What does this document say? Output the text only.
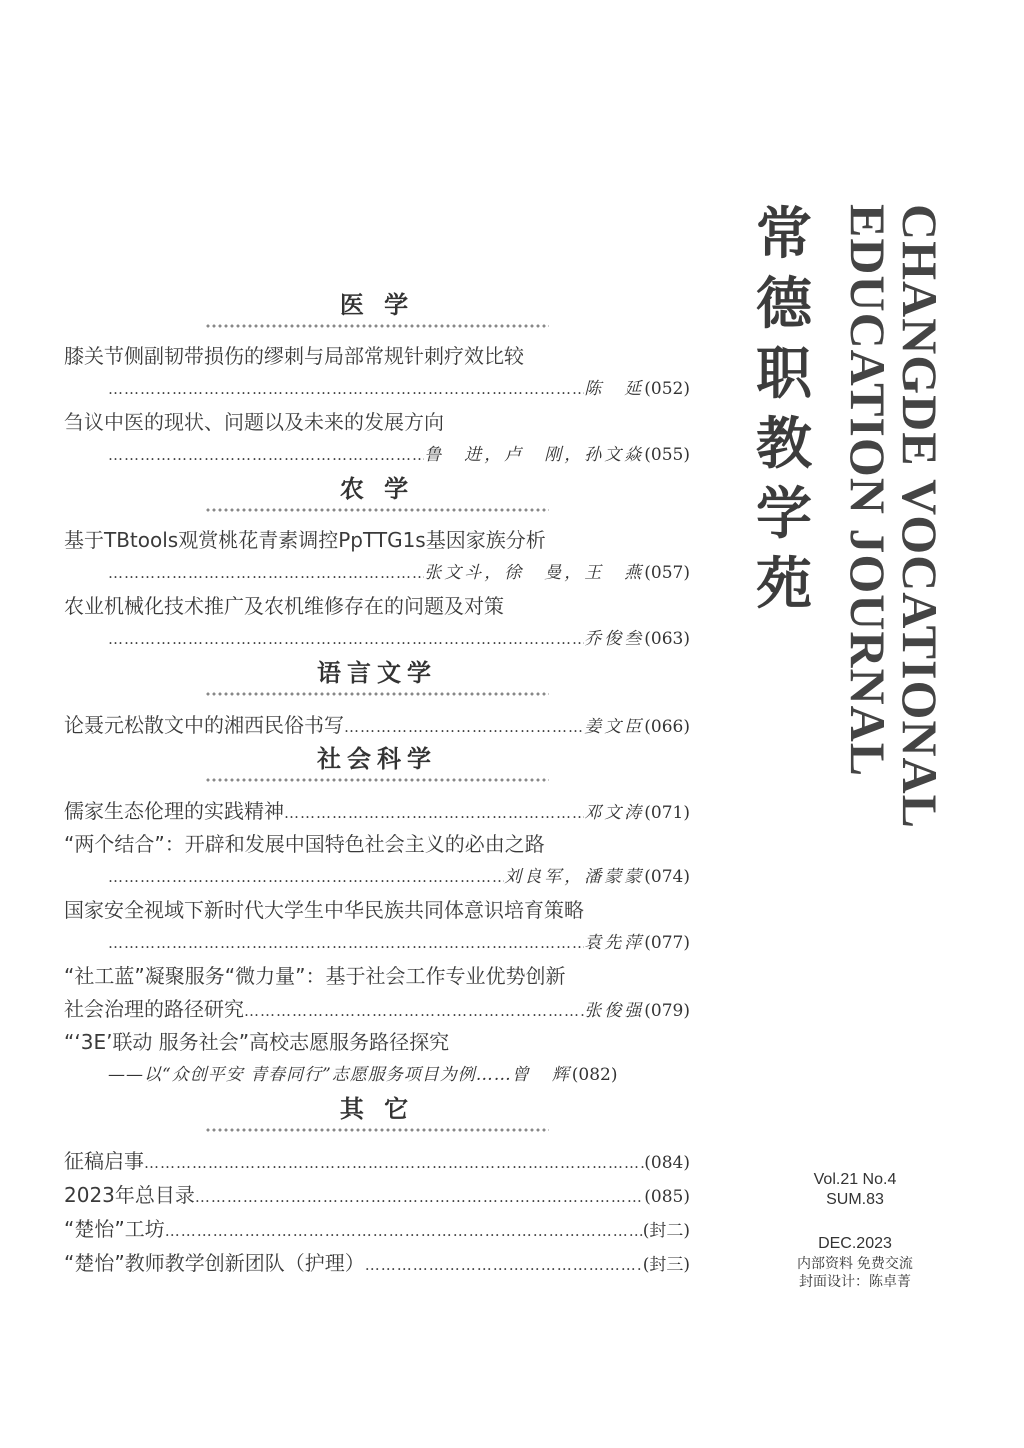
医 学
膝关节侧副韧带损伤的缪刺与局部常规针刺疗效比较
………………………………………………………………………………………………………………………………………………
陈　延 (052)
刍议中医的现状、问题以及未来的发展方向
………………………………………………………………………………………………………………………………………………
鲁　进，卢　刚，孙文焱 (055)
农 学
基于TBtools观赏桃花青素调控PpTTG1s基因家族分析
………………………………………………………………………………………………………………………………………………
张文斗，徐　曼，王　燕 (057)
农业机械化技术推广及农机维修存在的问题及对策
………………………………………………………………………………………………………………………………………………
乔俊叁 (063)
语言文学
论聂元松散文中的湘西民俗书写 ………………………………………………………………………………………………………………………………………………	姜文臣 (066)
社会科学
儒家生态伦理的实践精神 ………………………………………………………………………………………………………………………………………………	邓文涛 (071)
“两个结合”：开辟和发展中国特色社会主义的必由之路
………………………………………………………………………………………………………………………………………………
刘良军，潘蒙蒙 (074)
国家安全视域下新时代大学生中华民族共同体意识培育策略
………………………………………………………………………………………………………………………………………………
袁先萍 (077)
“社工蓝”凝聚服务“微力量”：基于社会工作专业优势创新
社会治理的路径研究 ………………………………………………………………………………………………………………………………………………	张俊强 (079)
“‘3E’联动 服务社会”高校志愿服务路径探究
——以“众创平安 青春同行”志愿服务项目为例…… 曾　辉 (082)
其 它
征稿启事 ………………………………………………………………………………………………………………………………………………	(084)
2023年总目录 ………………………………………………………………………………………………………………………………………………	(085)
“楚怡”工坊 ………………………………………………………………………………………………………………………………………………	(封二)
“楚怡”教师教学创新团队（护理） ………………………………………………………………………………………………………………………………………………	(封三)
常
德
职
教
学
苑 CHANGDE VOCATIONAL
EDUCATION JOURNAL
Vol.21 No.4
SUM.83
DEC.2023
内部资料 免费交流
封面设计：陈卓菁
